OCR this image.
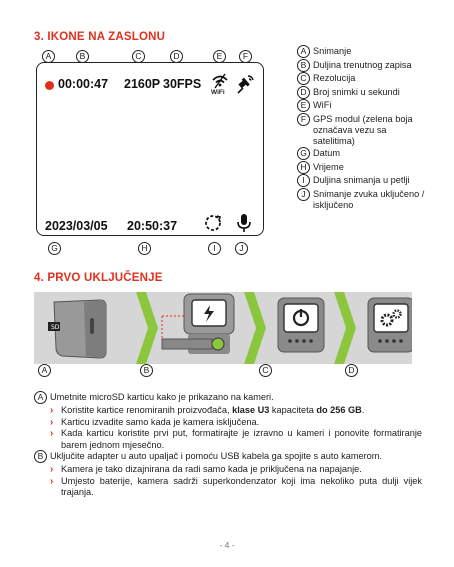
3. IKONE NA ZASLONU
A	B	C	D	E	F
00:00:47 2160P 30FPS
WiFi
2023/03/05 20:50:37
G	H	I	J
A Snimanje
B Duljina trenutnog zapisa
C Rezolucija
D Broj snimki u sekundi
E WiFi
F GPS modul (zelena boja označava vezu sa satelitima)
G Datum
H Vrijeme
I Duljina snimanja u petlji
J Snimanje zvuka uključeno / isključeno
4. PRVO UKLJUČENJE
SD
A	B	C	D
A Umetnite microSD karticu kako je prikazano na kameri.
› Koristite kartice renomiranih proizvođača, klase U3 kapaciteta do 256 GB.
› Karticu izvadite samo kada je kamera isključena.
› Kada karticu koristite prvi put, formatirajte je izravno u kameri i ponovite formatiranje barem jednom mjesečno.
B Uključite adapter u auto upaljač i pomoću USB kabela ga spojite s auto kamerom.
› Kamera je tako dizajnirana da radi samo kada je priključena na napajanje.
› Umjesto baterije, kamera sadrži superkondenzator koji ima nekoliko puta dulji vijek trajanja.
- 4 -
